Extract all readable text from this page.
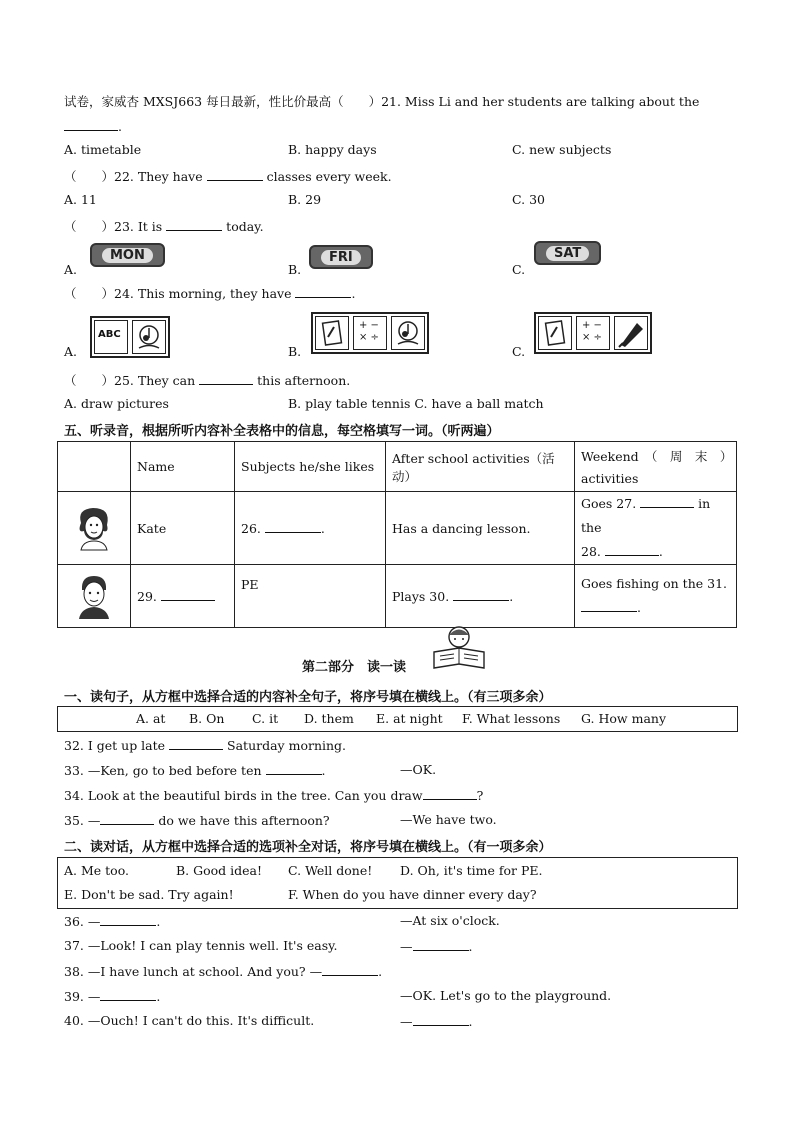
试卷，家威杏 MXSJ663 每日最新，性比价最高（　　）21. Miss Li and her students are talking about the
.
A. timetable	B. happy days	C. new subjects
（　　）22. They have	classes every week.
A. 11	B. 29	C. 30
（　　）23. It is	today.
A.
MON
B.
FRI
C.
SAT
（　　）24. This morning, they have	.
A.
ABC
B.
+ −
× ÷
C.
+ −
× ÷
（　　）25. They can	this afternoon.
A. draw pictures	B. play table tennis C. have a ball match
五、听录音，根据所听内容补全表格中的信息，每空格填写一词。（听两遍）
	Name	Subjects he/she likes	After school activities（活动）	Weekend　（　周　末　）
activities

	Kate	26. .	Has a dancing lesson.	Goes 27. in the
28. .

	29.	PE	Plays 30. .	Goes fishing on the 31.
.
第二部分　读一读
一、读句子，从方框中选择合适的内容补全句子，将序号填在横线上。（有三项多余）
A. at B. On C. it D. them E. at night F. What lessons G. How many
32. I get up late	Saturday morning.
33. —Ken, go to bed before ten	.	—OK.
34. Look at the beautiful birds in the tree. Can you draw	?
35. —	do we have this afternoon?	—We have two.
二、读对话，从方框中选择合适的选项补全对话，将序号填在横线上。（有一项多余）
A. Me too.	B. Good idea! C. Well done! D. Oh, it's time for PE.
E. Don't be sad. Try again!	F. When do you have dinner every day?
36. —	.	—At six o'clock.
37. —Look! I can play tennis well. It's easy.	—	.
38. —I have lunch at school. And you? —	.
39. —	.	—OK. Let's go to the playground.
40. —Ouch! I can't do this. It's difficult.	—	.
